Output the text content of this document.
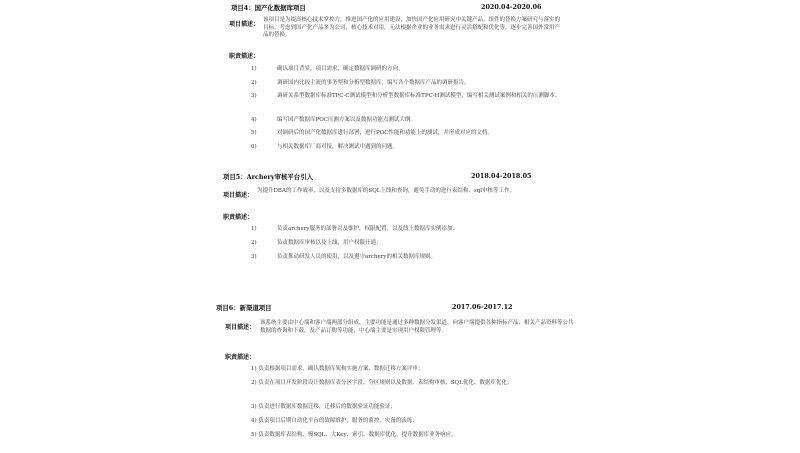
项目4：国产化数据库项目	2020.04-2020.06
项目描述：
该项目是为提高核心技术掌控力，推进国产化的应用建设，加快国产化应用研究中关键产品、组件的替换方案研究与落实的目标。考虑到国产化产品多为公司，核心技术对用，无法根据企业的业务需求进行灵活搭配和优化等，逐步完善国外常用产品的替换。
职责描述：
1)	确认项目背景、项目需求，确定数据库调研的方向。
2)	调研国内比较主流的事务型和分析型数据库，编写各个数据库产品的调研报告。
3)	调研关系型数据库标准TPC-C测试模型和分析型数据库标准TPC-H测试模型，编写相关测试案例和相关的压测脚本。
4)	编写国产数据库POC压测方案以及数据功能点测试大纲。
5)	对调研后的国产化数据库进行部署，进行POC性能和功能上的测试，并形成对应的文档。
6)	与相关数据库厂商对接，解决测试中遇到的问题。
项目5：Archery审核平台引入	2018.04-2018.05
项目描述：
为提升DBA的工作效率，以及支持多数据库的SQL上线和查询，避免手动的进行表结构、sql审核等工作。
职责描述：
1)	负责archery服务的部署以及维护，权限配置，以及线上数据库实例添加；
2)	负责数据库审核以及上线，用户权限开通；
3)	负责推动研发人员的使用，以及遵守archery的相关数据库规则。
项目6：新渠道项目	2017.06-2017.12
项目描述：
该系统主要由中心端和客户端两部分组成，主要功能是通过多种数据分发渠道，向客户端提供各种指标产品、相关产品资料等公共数据的查询和下载，及产品订购等功能，中心端主要是实现用户权限管理等。
职责描述：
1) 负责根据项目需求，确认数据库架构实施方案，数据迁移方案评审；
2) 负责在项目开发阶段设计数据库表分区字段、分区规则以及数据、表结构审核、SQL优化、数据库优化；
3) 负责进行数据库数据迁移，迁移后的数据验证功能验证；
4) 负责项目后期自动化平台的故障维护，服务的监控、灾备的演练；
5) 负责数据库表结构、慢SQL、大Key、索引、数据库优化，提升数据库业务响应。
